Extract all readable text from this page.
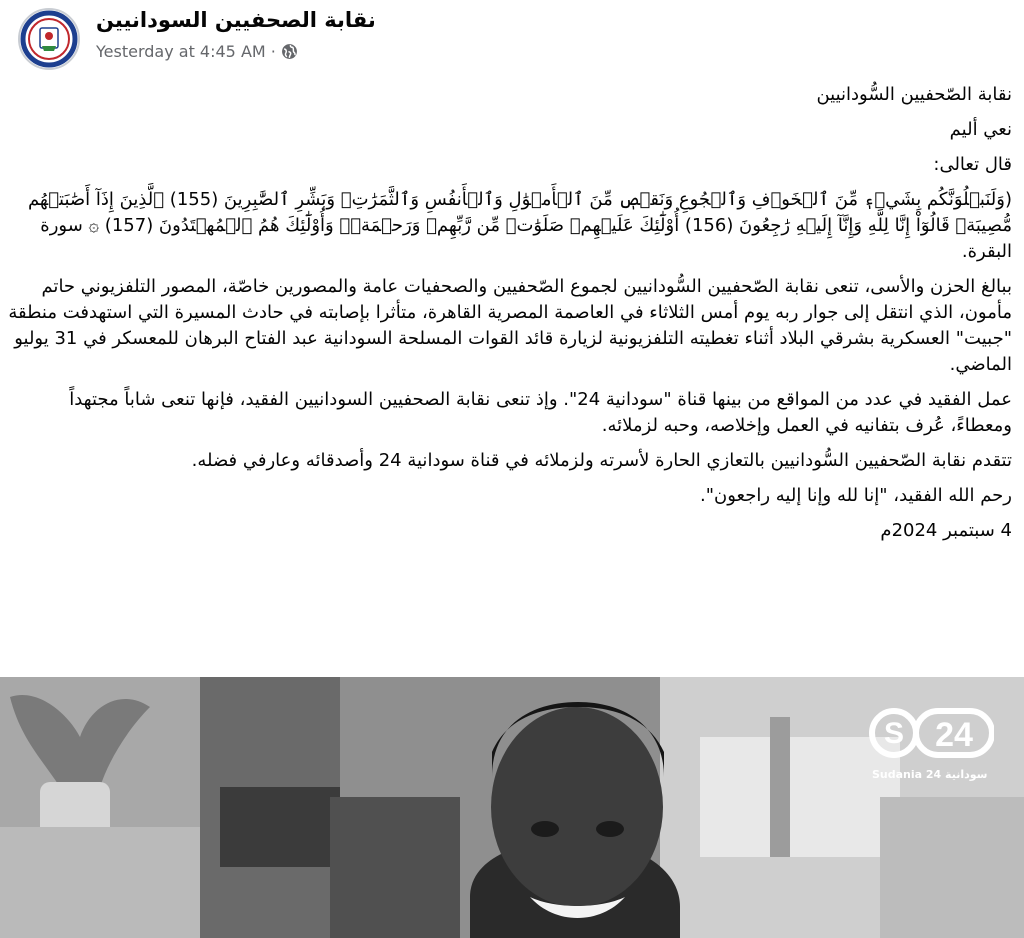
نقابة الصحفيين السودانيين
Yesterday at 4:45 AM ·

نقابة الصّحفيين السُّودانيين

نعي أليم

قال تعالى:

(وَلَنَبۡلُوَنَّكُم بِشَيۡءٖ مِّنَ ٱلۡخَوۡفِ وَٱلۡجُوعِ وَنَقۡصٖ مِّنَ ٱلۡأَمۡوَٰلِ وَٱلۡأَنفُسِ وَٱلثَّمَرَٰتِۗ وَبَشِّرِ ٱلصَّٰبِرِينَ (155) ٱلَّذِينَ إِذَآ أَصَٰبَتۡهُم مُّصِيبَةٞ قَالُوٓاْ إِنَّا لِلَّهِ وَإِنَّآ إِلَيۡهِ رَٰجِعُونَ (156) أُوْلَٰٓئِكَ عَلَيۡهِمۡ صَلَوَٰتٞ مِّن رَّبِّهِمۡ وَرَحۡمَةٞۖ وَأُوْلَٰٓئِكَ هُمُ ٱلۡمُهۡتَدُونَ (157) ۞ سورة البقرة.

ببالغ الحزن والأسى، تنعى نقابة الصّحفيين السُّودانيين لجموع الصّحفيين والصحفيات عامة والمصورين خاصّة، المصور التلفزيوني حاتم مأمون، الذي انتقل إلى جوار ربه يوم أمس الثلاثاء في العاصمة المصرية القاهرة، متأثرا بإصابته في حادث المسيرة التي استهدفت منطقة "جبيت" العسكرية بشرقي البلاد أثناء تغطيته التلفزيونية لزيارة قائد القوات المسلحة السودانية عبد الفتاح البرهان للمعسكر في 31 يوليو الماضي.

عمل الفقيد في عدد من المواقع من بينها قناة "سودانية 24". وإذ تنعى نقابة الصحفيين السودانيين الفقيد، فإنها تنعى شاباً مجتهداً ومعطاءً، عُرف بتفانيه في العمل وإخلاصه، وحبه لزملائه.

تتقدم نقابة الصّحفيين السُّودانيين بالتعازي الحارة لأسرته ولزملائه في قناة سودانية 24 وأصدقائه وعارفي فضله.

رحم الله الفقيد، "إنا لله وإنا إليه راجعون".

4 سبتمبر 2024م

S 24
Sudania 24 سودانية
